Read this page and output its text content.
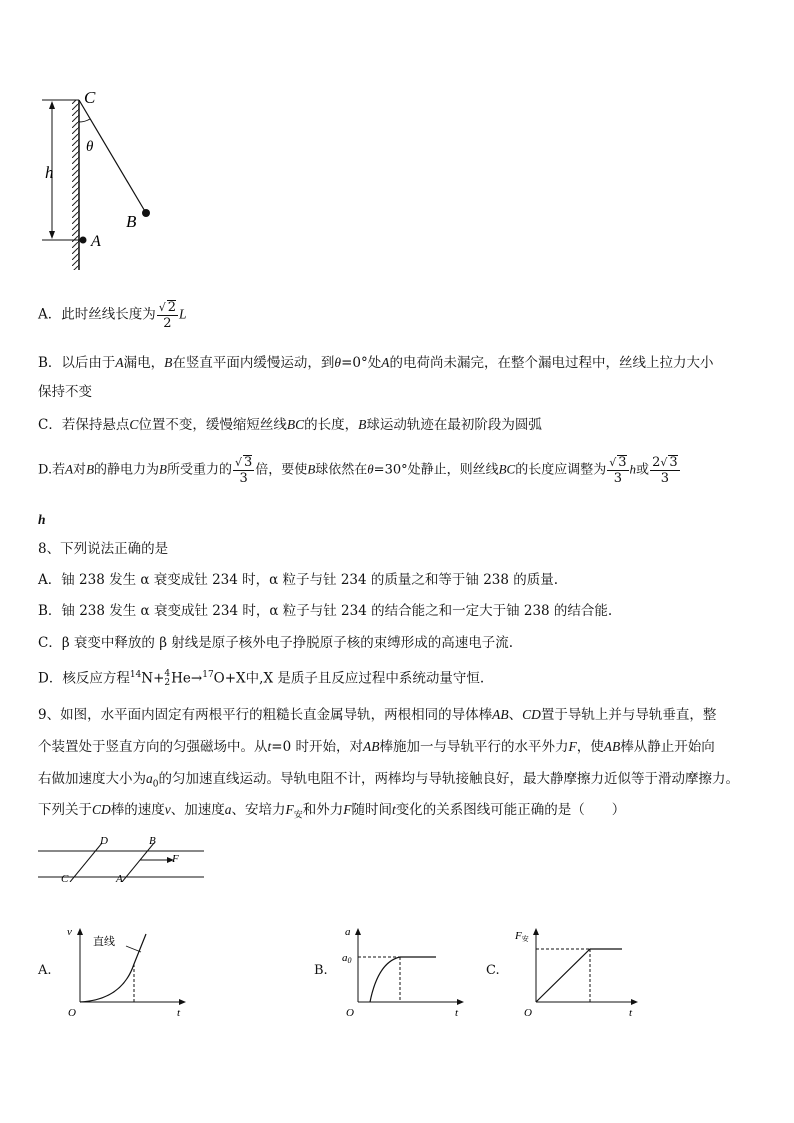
C
θ
h
B
A
A．此时丝线长度为 $\frac{√ 2}{2}$ L
B．以后由于A漏电，B在竖直平面内缓慢运动，到θ=0°处A的电荷尚未漏完，在整个漏电过程中，丝线上拉力大小
保持不变
C．若保持悬点C位置不变，缓慢缩短丝线BC的长度，B球运动轨迹在最初阶段为圆弧
D.若A对B的静电力为B所受重力的 $\frac{√ 3}{3}$ 倍，要使B球依然在θ=30°处静止，则丝线BC的长度应调整为 $\frac{√ 3}{3}$ h或 $\frac{2√ 3}{3}$
h
8、下列说法正确的是
A．铀 238 发生 α 衰变成钍 234 时，α 粒子与钍 234 的质量之和等于铀 238 的质量.
B．铀 238 发生 α 衰变成钍 234 时，α 粒子与钍 234 的结合能之和一定大于铀 238 的结合能.
C．β 衰变中释放的 β 射线是原子核外电子挣脱原子核的束缚形成的高速电子流.
D．核反应方程$^{14}$N+ 4
2 He→$^{17}$O+X中,X 是质子且反应过程中系统动量守恒.
9、如图，水平面内固定有两根平行的粗糙长直金属导轨，两根相同的导体棒AB、CD置于导轨上并与导轨垂直，整
个装置处于竖直方向的匀强磁场中。从t=0 时开始，对AB棒施加一与导轨平行的水平外力F，使AB棒从静止开始向
右做加速度大小为$a_0$的匀加速直线运动。导轨电阻不计，两棒均与导轨接触良好，最大静摩擦力近似等于滑动摩擦力。
下列关于CD棒的速度v、加速度a、安培力$F_安$和外力F随时间t变化的关系图线可能正确的是（　　）
D	B
F
C	A
A.
v
直线
O	t
B.
a
a0
O	t
C.
F安
O	t
